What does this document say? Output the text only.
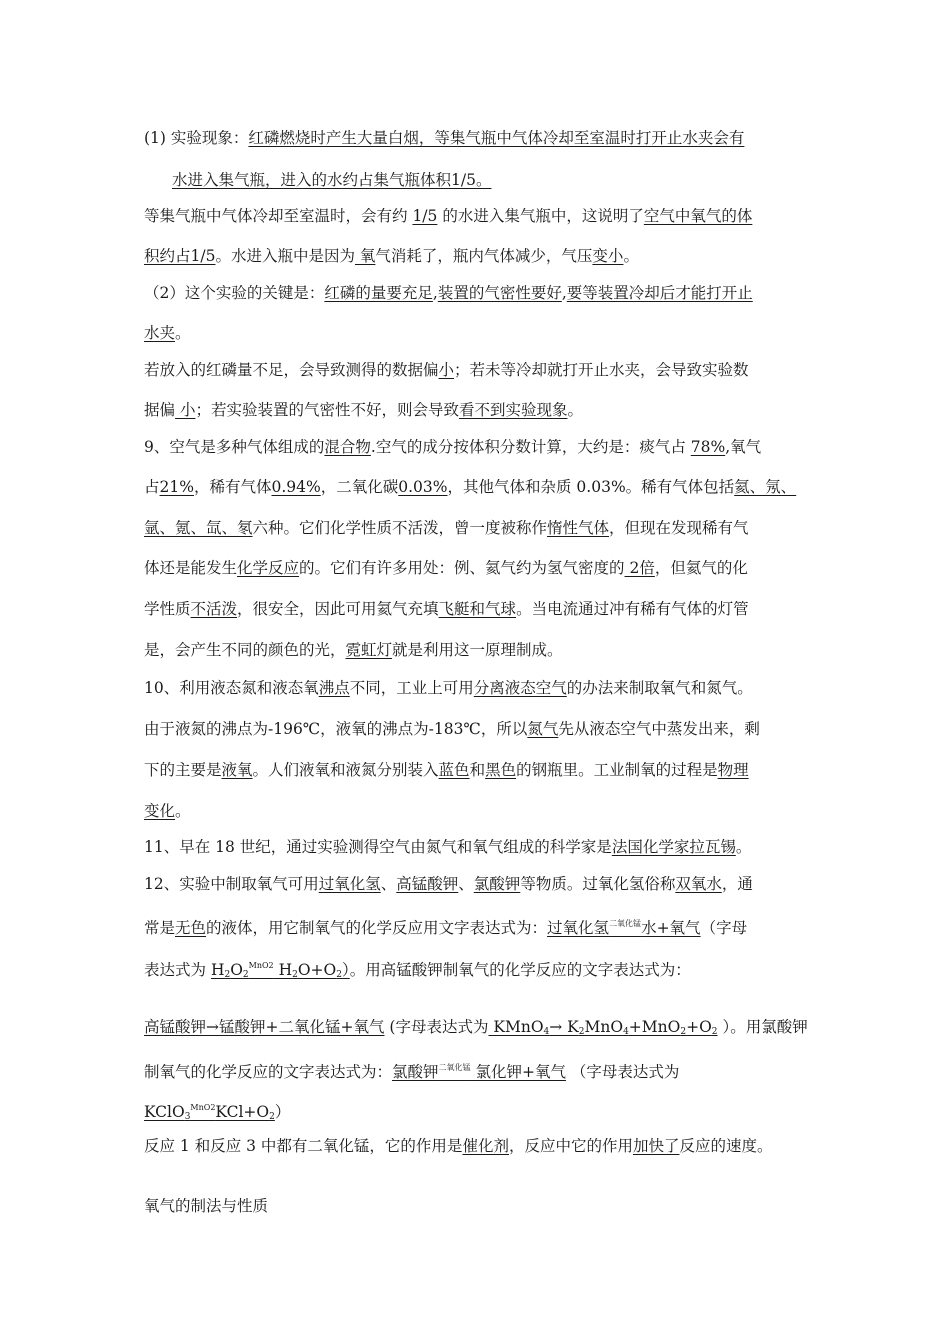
(1) 实验现象：红磷燃烧时产生大量白烟，等集气瓶中气体冷却至室温时打开止水夹会有
水进入集气瓶，进入的水约占集气瓶体积1/5。
等集气瓶中气体冷却至室温时，会有约 1/5 的水进入集气瓶中，这说明了空气中氧气的体
积约占1/5。水进入瓶中是因为 氧气消耗了，瓶内气体减少，气压变小。
（2）这个实验的关键是：红磷的量要充足,装置的气密性要好,要等装置冷却后才能打开止
水夹。
若放入的红磷量不足，会导致测得的数据偏小；若未等冷却就打开止水夹，会导致实验数
据偏 小；若实验装置的气密性不好，则会导致看不到实验现象。
9、空气是多种气体组成的混合物.空气的成分按体积分数计算，大约是：痰气占 78%,氧气
占21%，稀有气体0.94%，二氧化碳0.03%，其他气体和杂质 0.03%。稀有气体包括氦、氖、
氩、氪、氙、氡六种。它们化学性质不活泼，曾一度被称作惰性气体，但现在发现稀有气
体还是能发生化学反应的。它们有许多用处：例、氦气约为氢气密度的 2倍，但氦气的化
学性质不活泼，很安全，因此可用氦气充填飞艇和气球。当电流通过冲有稀有气体的灯管
是，会产生不同的颜色的光，霓虹灯就是利用这一原理制成。
10、利用液态氮和液态氧沸点不同，工业上可用分离液态空气的办法来制取氧气和氮气。
由于液氮的沸点为-196℃，液氧的沸点为-183℃，所以氮气先从液态空气中蒸发出来，剩
下的主要是液氧。人们液氧和液氮分别装入蓝色和黑色的钢瓶里。工业制氧的过程是物理
变化。
11、早在 18 世纪，通过实验测得空气由氮气和氧气组成的科学家是法国化学家拉瓦锡。
12、实验中制取氧气可用过氧化氢、高锰酸钾、氯酸钾等物质。过氧化氢俗称双氧水，通
常是无色的液体，用它制氧气的化学反应用文字表达式为：过氧化氢$^{二氧化锰}$水+氧气（字母
表达式为 $H_2O_2^{MnO2}$ $H_2O+O_2$）。用高锰酸钾制氧气的化学反应的文字表达式为：
高锰酸钾→锰酸钾+二氧化锰+氧气 (字母表达式为 KMnO$_4$→ $K_2MnO_4+MnO_2+O_2$ ）。用氯酸钾
制氧气的化学反应的文字表达式为：氯酸钾$^{二氧化锰}$ 氯化钾+氧气 （字母表达式为
$KClO_3^{MnO2}KCl+O_2$）
反应 1 和反应 3 中都有二氧化锰，它的作用是催化剂，反应中它的作用加快了反应的速度。
氧气的制法与性质
